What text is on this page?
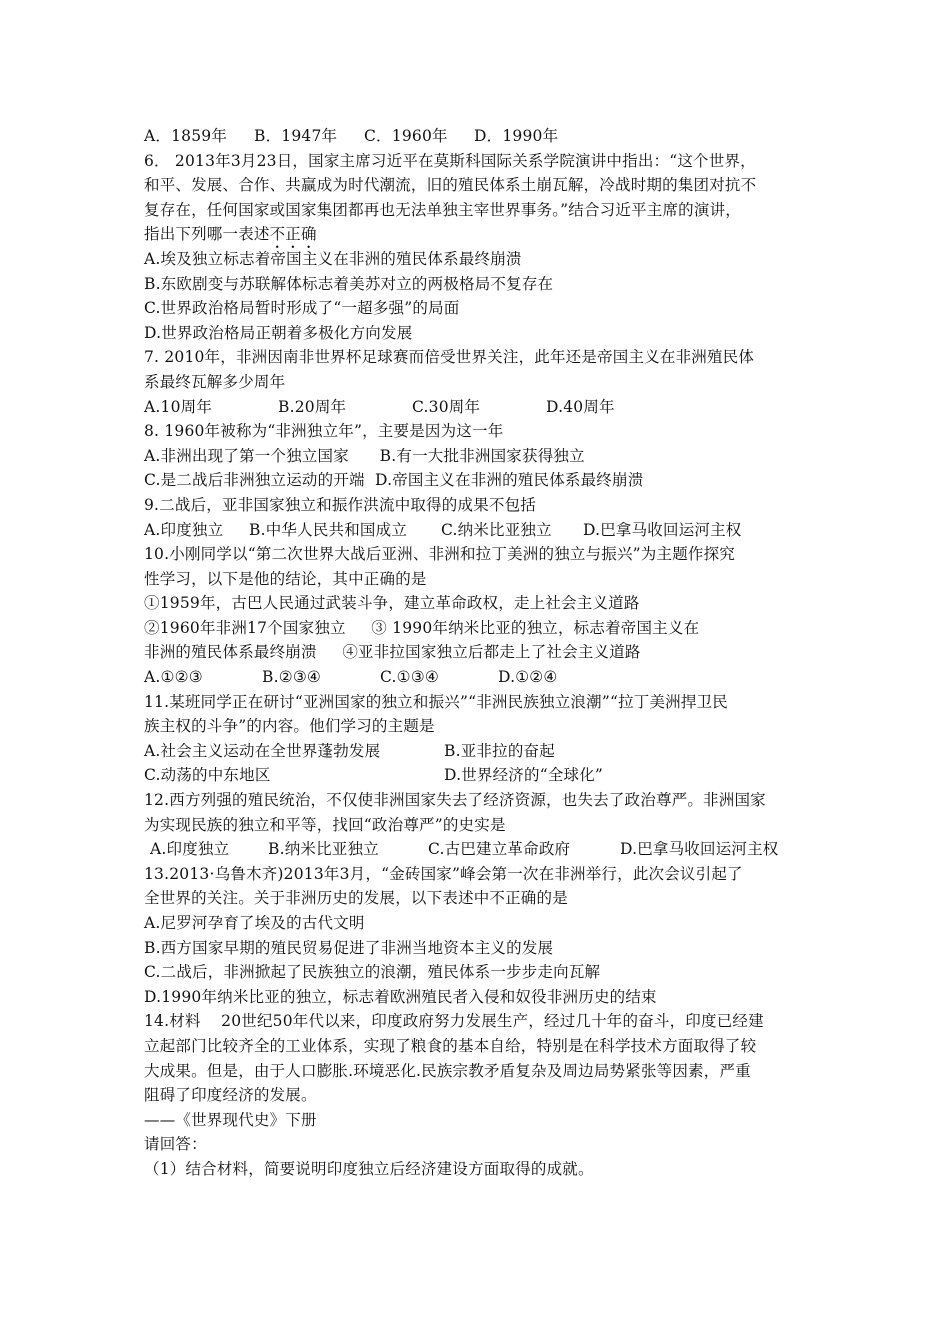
A．1859年	B．1947年	C．1960年	D．1990年
6． 2013年3月23日，国家主席习近平在莫斯科国际关系学院演讲中指出：“这个世界，
和平、发展、合作、共赢成为时代潮流，旧的殖民体系土崩瓦解，冷战时期的集团对抗不
复存在，任何国家或国家集团都再也无法单独主宰世界事务。”结合习近平主席的演讲，
指出下列哪一表述不正确
A.埃及独立标志着帝国主义在非洲的殖民体系最终崩溃
B.东欧剧变与苏联解体标志着美苏对立的两极格局不复存在
C.世界政治格局暂时形成了“一超多强”的局面
D.世界政治格局正朝着多极化方向发展
7. 2010年，非洲因南非世界杯足球赛而倍受世界关注，此年还是帝国主义在非洲殖民体
系最终瓦解多少周年
A.10周年	B.20周年	C.30周年	D.40周年
8. 1960年被称为“非洲独立年”，主要是因为这一年
A.非洲出现了第一个独立国家      B.有一大批非洲国家获得独立
C.是二战后非洲独立运动的开端  D.帝国主义在非洲的殖民体系最终崩溃
9.二战后，亚非国家独立和振作洪流中取得的成果不包括
A.印度独立	B.中华人民共和国成立	C.纳米比亚独立	D.巴拿马收回运河主权
10.小刚同学以“第二次世界大战后亚洲、非洲和拉丁美洲的独立与振兴”为主题作探究
性学习，以下是他的结论，其中正确的是
①1959年，古巴人民通过武装斗争，建立革命政权，走上社会主义道路
②1960年非洲17个国家独立     ③ 1990年纳米比亚的独立，标志着帝国主义在
非洲的殖民体系最终崩溃     ④亚非拉国家独立后都走上了社会主义道路
A.①②③	B.②③④	C.①③④	D.①②④
11.某班同学正在研讨“亚洲国家的独立和振兴”“非洲民族独立浪潮”“拉丁美洲捍卫民
族主权的斗争”的内容。他们学习的主题是
A.社会主义运动在全世界蓬勃发展	B.亚非拉的奋起
C.动荡的中东地区	D.世界经济的“全球化”
12.西方列强的殖民统治，不仅使非洲国家失去了经济资源，也失去了政治尊严。非洲国家
为实现民族的独立和平等，找回“政治尊严”的史实是
A.印度独立	B.纳米比亚独立	C.古巴建立革命政府	D.巴拿马收回运河主权
13.2013·乌鲁木齐)2013年3月，“金砖国家”峰会第一次在非洲举行，此次会议引起了
全世界的关注。关于非洲历史的发展，以下表述中不正确的是
A.尼罗河孕育了埃及的古代文明
B.西方国家早期的殖民贸易促进了非洲当地资本主义的发展
C.二战后，非洲掀起了民族独立的浪潮，殖民体系一步步走向瓦解
D.1990年纳米比亚的独立，标志着欧洲殖民者入侵和奴役非洲历史的结束
14.材料    20世纪50年代以来，印度政府努力发展生产，经过几十年的奋斗，印度已经建
立起部门比较齐全的工业体系，实现了粮食的基本自给，特别是在科学技术方面取得了较
大成果。但是，由于人口膨胀.环境恶化.民族宗教矛盾复杂及周边局势紧张等因素，严重
阻碍了印度经济的发展。
——《世界现代史》下册
请回答：
（1）结合材料，简要说明印度独立后经济建设方面取得的成就。
